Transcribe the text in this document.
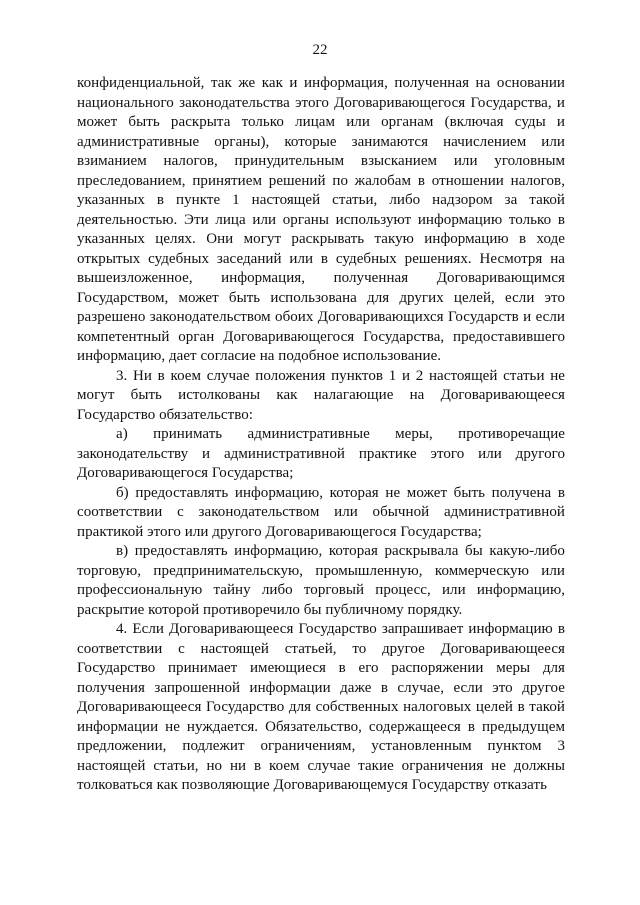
22

конфиденциальной, так же как и информация, полученная на основании национального законодательства этого Договаривающегося Государства, и может быть раскрыта только лицам или органам (включая суды и административные органы), которые занимаются начислением или взиманием налогов, принудительным взысканием или уголовным преследованием, принятием решений по жалобам в отношении налогов, указанных в пункте 1 настоящей статьи, либо надзором за такой деятельностью. Эти лица или органы используют информацию только в указанных целях. Они могут раскрывать такую информацию в ходе открытых судебных заседаний или в судебных решениях. Несмотря на вышеизложенное, информация, полученная Договаривающимся Государством, может быть использована для других целей, если это разрешено законодательством обоих Договаривающихся Государств и если компетентный орган Договаривающегося Государства, предоставившего информацию, дает согласие на подобное использование.

3. Ни в коем случае положения пунктов 1 и 2 настоящей статьи не могут быть истолкованы как налагающие на Договаривающееся Государство обязательство:

а) принимать административные меры, противоречащие законодательству и административной практике этого или другого Договаривающегося Государства;

б) предоставлять информацию, которая не может быть получена в соответствии с законодательством или обычной административной практикой этого или другого Договаривающегося Государства;

в) предоставлять информацию, которая раскрывала бы какую-либо торговую, предпринимательскую, промышленную, коммерческую или профессиональную тайну либо торговый процесс, или информацию, раскрытие которой противоречило бы публичному порядку.

4. Если Договаривающееся Государство запрашивает информацию в соответствии с настоящей статьей, то другое Договаривающееся Государство принимает имеющиеся в его распоряжении меры для получения запрошенной информации даже в случае, если это другое Договаривающееся Государство для собственных налоговых целей в такой информации не нуждается. Обязательство, содержащееся в предыдущем предложении, подлежит ограничениям, установленным пунктом 3 настоящей статьи, но ни в коем случае такие ограничения не должны толковаться как позволяющие Договаривающемуся Государству отказать
